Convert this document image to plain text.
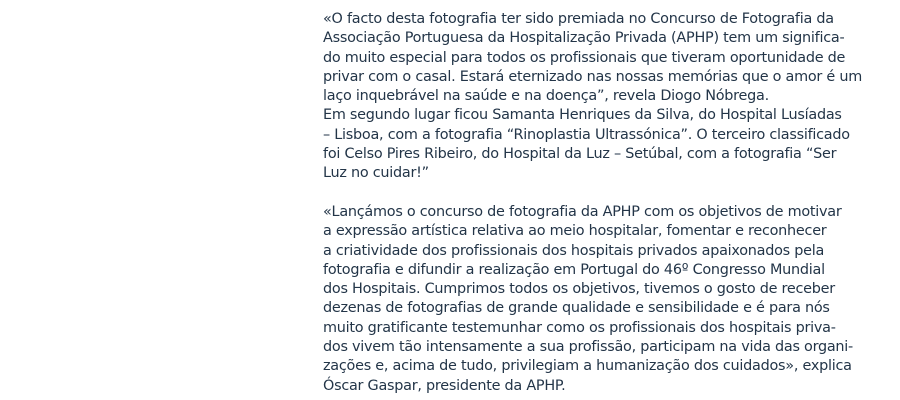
«O facto desta fotografia ter sido premiada no Concurso de Fotografia da
Associação Portuguesa da Hospitalização Privada (APHP) tem um significa-
do muito especial para todos os profissionais que tiveram oportunidade de
privar com o casal. Estará eternizado nas nossas memórias que o amor é um
laço inquebrável na saúde e na doença”, revela Diogo Nóbrega.

Em segundo lugar ficou Samanta Henriques da Silva, do Hospital Lusíadas
– Lisboa, com a fotografia “Rinoplastia Ultrassónica”. O terceiro classificado
foi Celso Pires Ribeiro, do Hospital da Luz – Setúbal, com a fotografia “Ser
Luz no cuidar!”

«Lançámos o concurso de fotografia da APHP com os objetivos de motivar
a expressão artística relativa ao meio hospitalar, fomentar e reconhecer
a criatividade dos profissionais dos hospitais privados apaixonados pela
fotografia e difundir a realização em Portugal do 46º Congresso Mundial
dos Hospitais. Cumprimos todos os objetivos, tivemos o gosto de receber
dezenas de fotografias de grande qualidade e sensibilidade e é para nós
muito gratificante testemunhar como os profissionais dos hospitais priva-
dos vivem tão intensamente a sua profissão, participam na vida das organi-
zações e, acima de tudo, privilegiam a humanização dos cuidados», explica
Óscar Gaspar, presidente da APHP.
